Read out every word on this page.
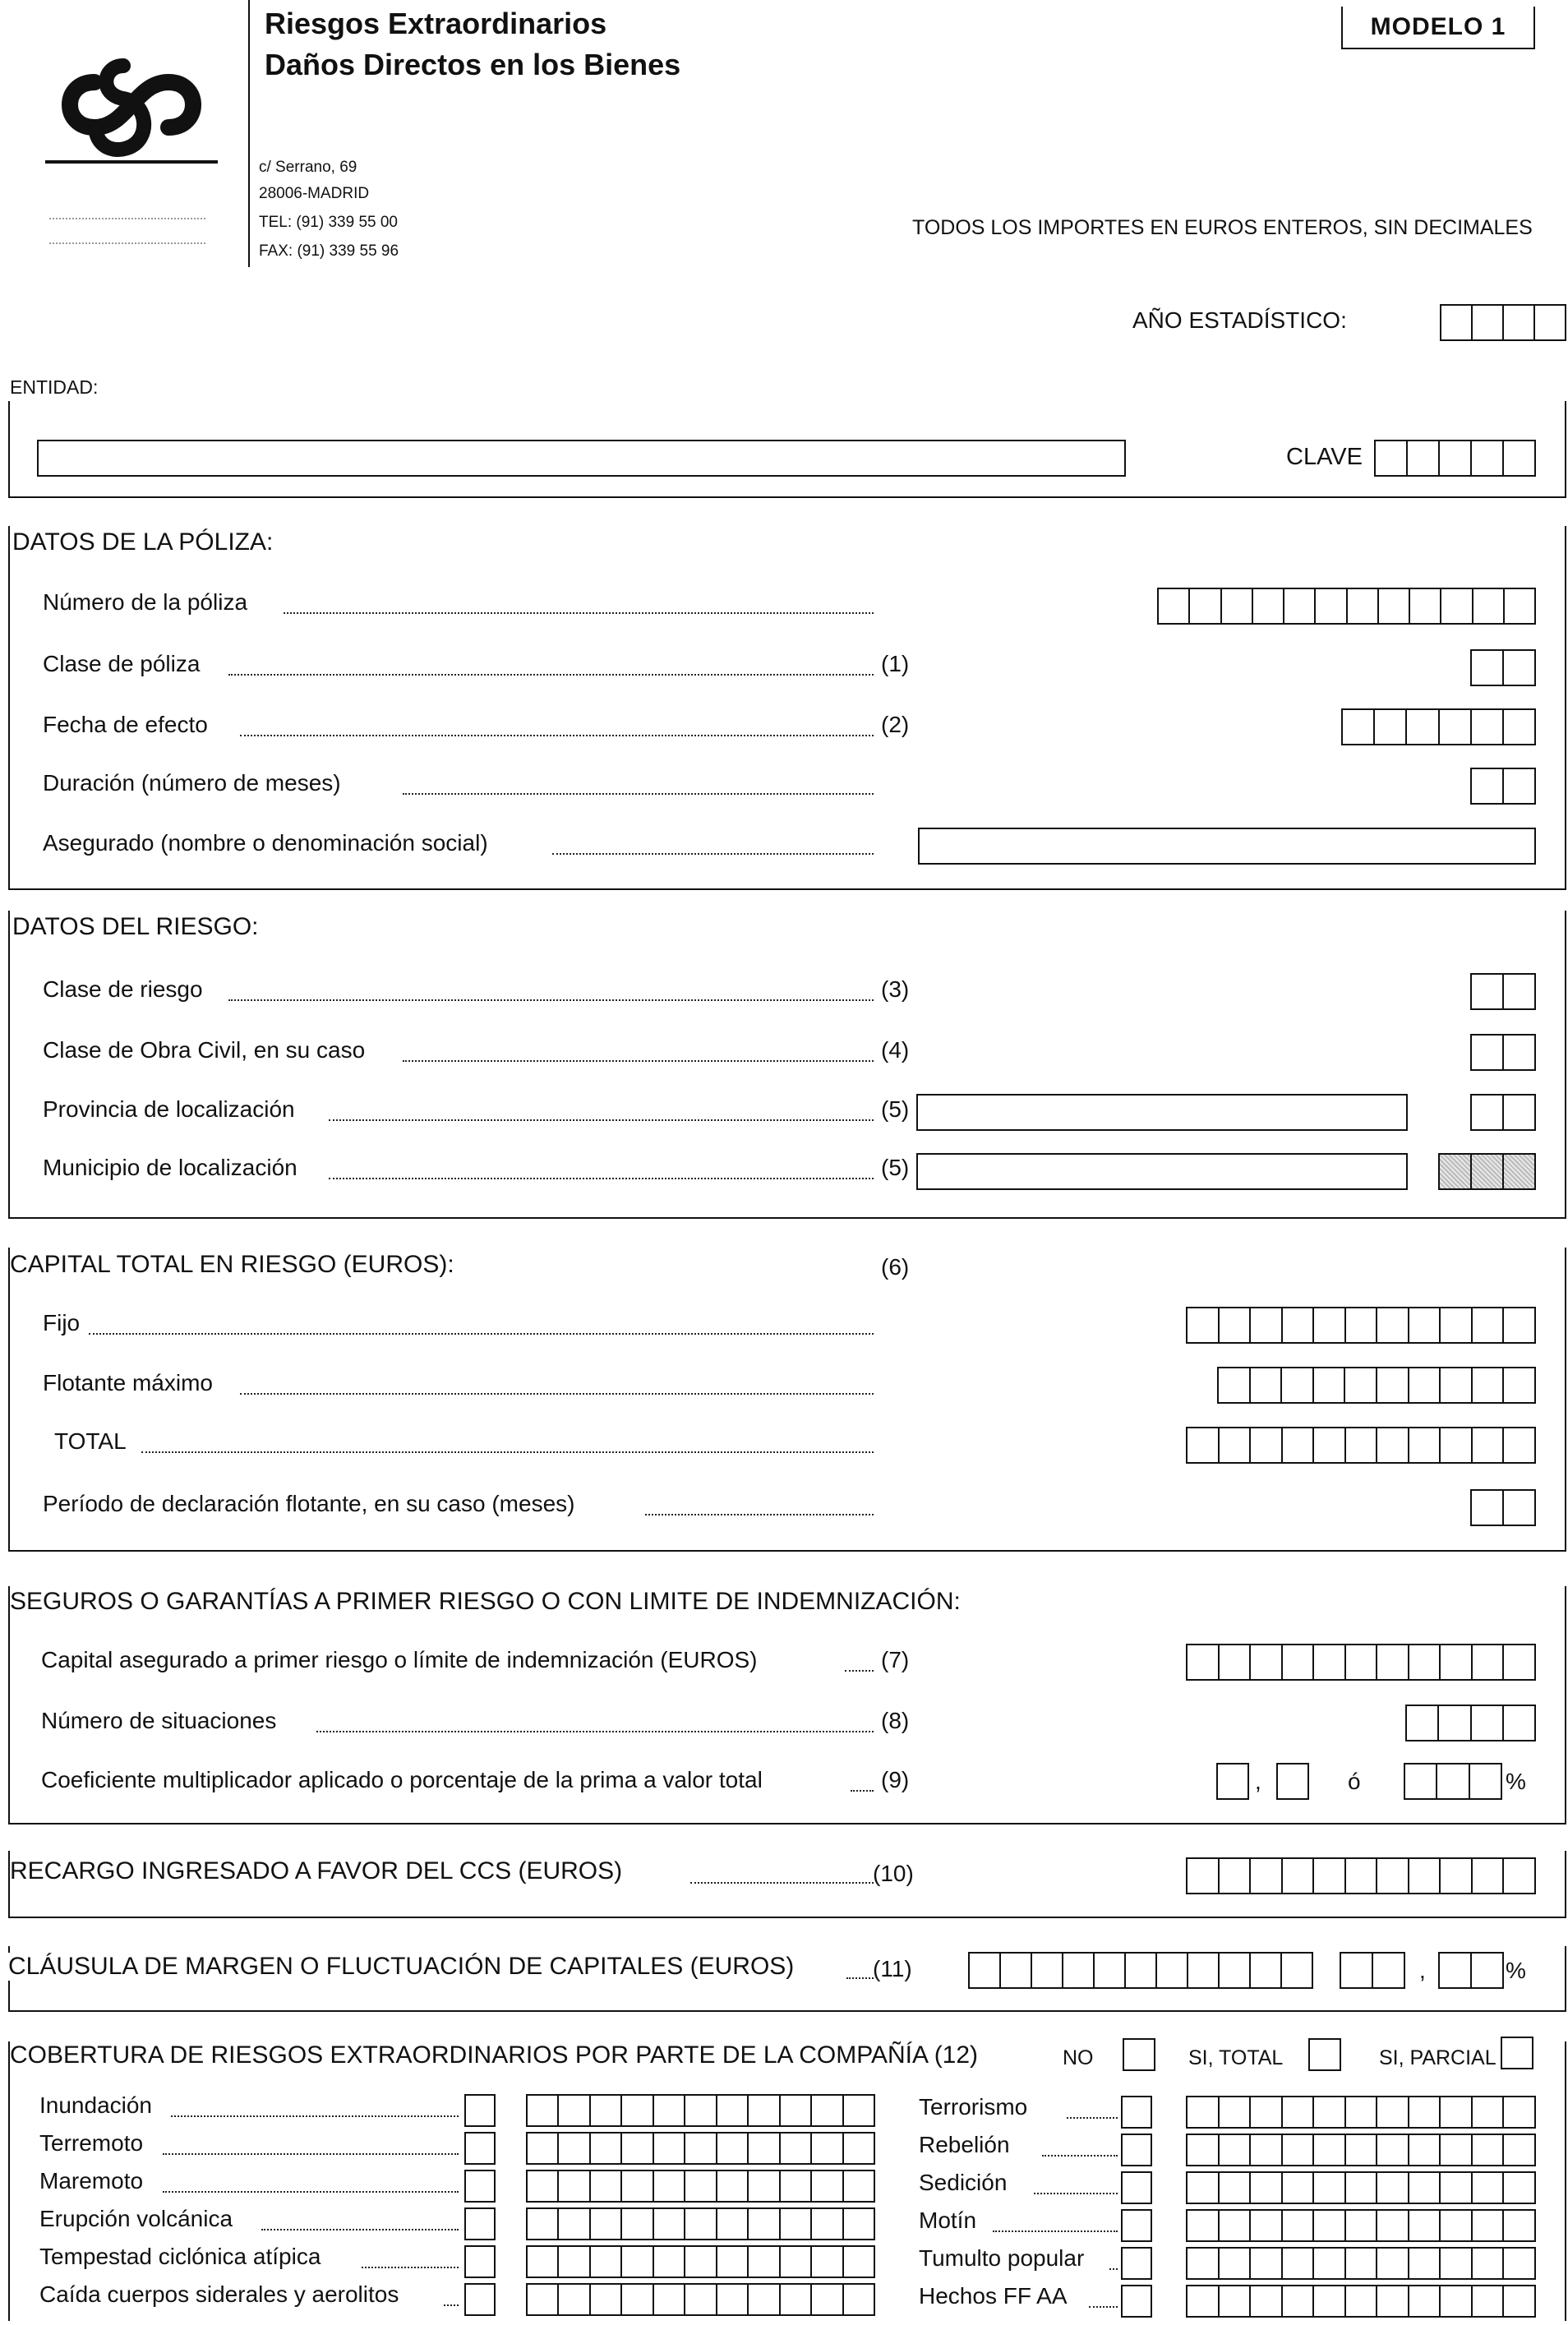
Riesgos Extraordinarios
Daños Directos en los Bienes
MODELO 1
c/ Serrano, 69
28006-MADRID
TEL: (91) 339 55 00
FAX: (91) 339 55 96
TODOS LOS IMPORTES EN EUROS ENTEROS, SIN DECIMALES
AÑO ESTADÍSTICO:
ENTIDAD:
CLAVE
DATOS DE LA PÓLIZA:
Número de la póliza
Clase de póliza	(1)
Fecha de efecto	(2)
Duración (número de meses)
Asegurado (nombre o denominación social)
DATOS DEL RIESGO:
Clase de riesgo	(3)
Clase de Obra Civil, en su caso	(4)
Provincia de localización	(5)
Municipio de localización	(5)
CAPITAL TOTAL EN RIESGO (EUROS):	(6)
Fijo
Flotante máximo
TOTAL
Período de declaración flotante, en su caso (meses)
SEGUROS O GARANTÍAS A PRIMER RIESGO O CON LIMITE DE INDEMNIZACIÓN:
Capital asegurado a primer riesgo o límite de indemnización (EUROS)	(7)
Número de situaciones	(8)
Coeficiente multiplicador aplicado o porcentaje de la prima a valor total	(9)	,	ó	%
RECARGO INGRESADO A FAVOR DEL CCS (EUROS)	(10)
CLÁUSULA DE MARGEN O FLUCTUACIÓN DE CAPITALES (EUROS)	(11)	,	%
COBERTURA DE RIESGOS EXTRAORDINARIOS POR PARTE DE LA COMPAÑÍA (12)	NO	SI, TOTAL	SI, PARCIAL
Inundación
Terremoto
Maremoto
Erupción volcánica
Tempestad ciclónica atípica
Caída cuerpos siderales y aerolitos
Terrorismo
Rebelión
Sedición
Motín
Tumulto popular
Hechos FF AA
